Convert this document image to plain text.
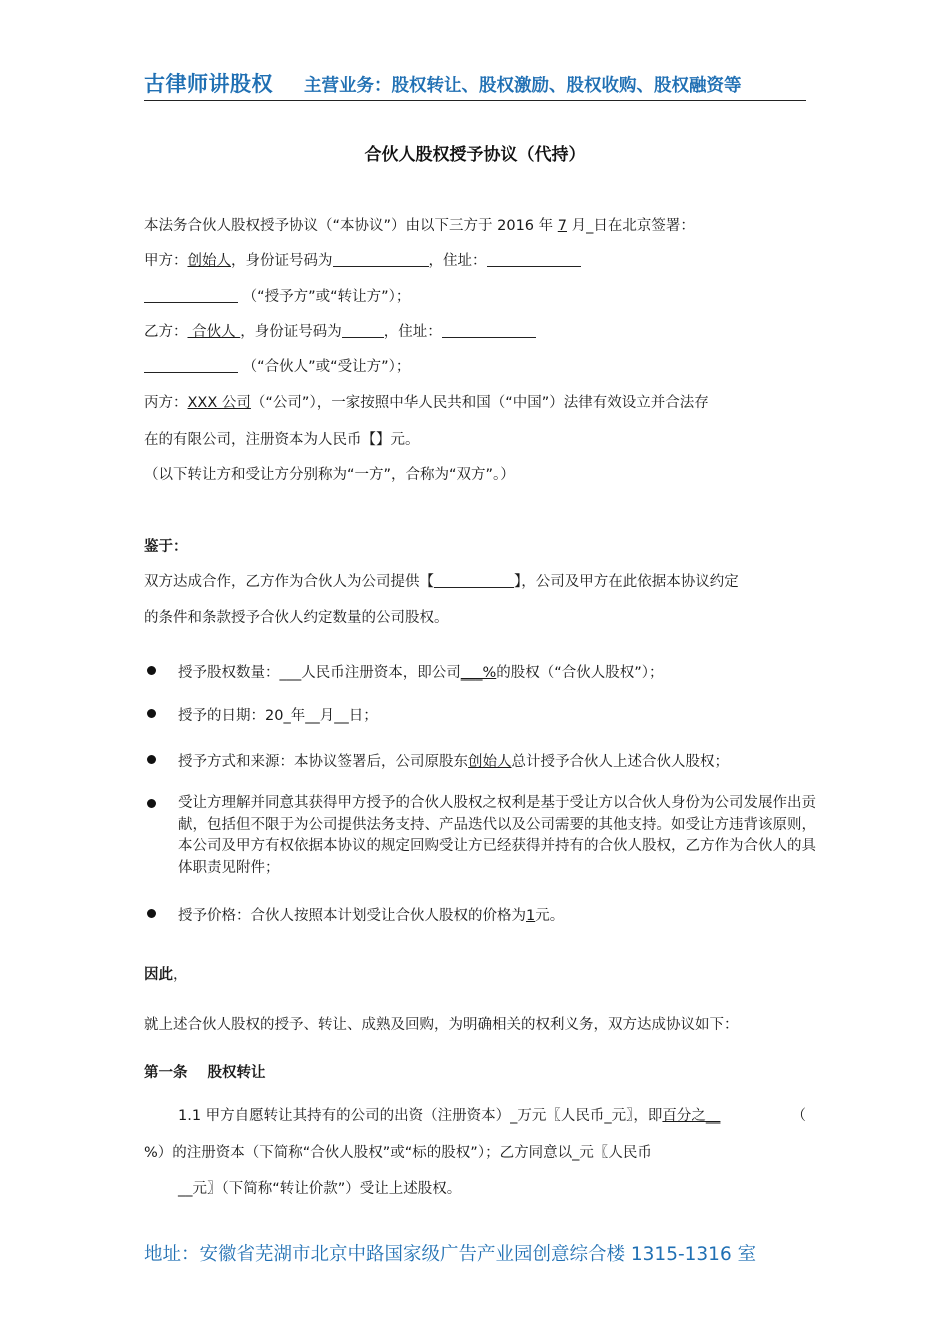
古律师讲股权 主营业务：股权转让、股权激励、股权收购、股权融资等
合伙人股权授予协议（代持）
本法务合伙人股权授予协议（“本协议”）由以下三方于 2016 年 7 月_日在北京签署：
甲方：创始人，身份证号码为	，住址：
（“授予方”或“转让方”）；
乙方： 合伙人 ，身份证号码为	，住址：
（“合伙人”或“受让方”）；
丙方：XXX 公司（“公司”），一家按照中华人民共和国（“中国”）法律有效设立并合法存
在的有限公司，注册资本为人民币【】元。
（以下转让方和受让方分别称为“一方”，合称为“双方”。）
鉴于：
双方达成合作，乙方作为合伙人为公司提供【	】，公司及甲方在此依据本协议约定
的条件和条款授予合伙人约定数量的公司股权。
授予股权数量：___人民币注册资本，即公司___%的股权（“合伙人股权”）；
授予的日期：20_年__月__日；
授予方式和来源：本协议签署后，公司原股东创始人总计授予合伙人上述合伙人股权；
受让方理解并同意其获得甲方授予的合伙人股权之权利是基于受让方以合伙人身份为公司发展作出贡献，包括但不限于为公司提供法务支持、产品迭代以及公司需要的其他支持。如受让方违背该原则，本公司及甲方有权依据本协议的规定回购受让方已经获得并持有的合伙人股权，乙方作为合伙人的具体职责见附件；
授予价格：合伙人按照本计划受让合伙人股权的价格为1元。
因此，
就上述合伙人股权的授予、转让、成熟及回购，为明确相关的权利义务，双方达成协议如下：
第一条 股权转让
1.1 甲方自愿转让其持有的公司的出资（注册资本）_万元〖人民币_元〗，即百分之__	（
%）的注册资本（下简称“合伙人股权”或“标的股权”）；乙方同意以_元〖人民币
__元〗（下简称“转让价款”）受让上述股权。
地址：安徽省芜湖市北京中路国家级广告产业园创意综合楼 1315-1316 室
